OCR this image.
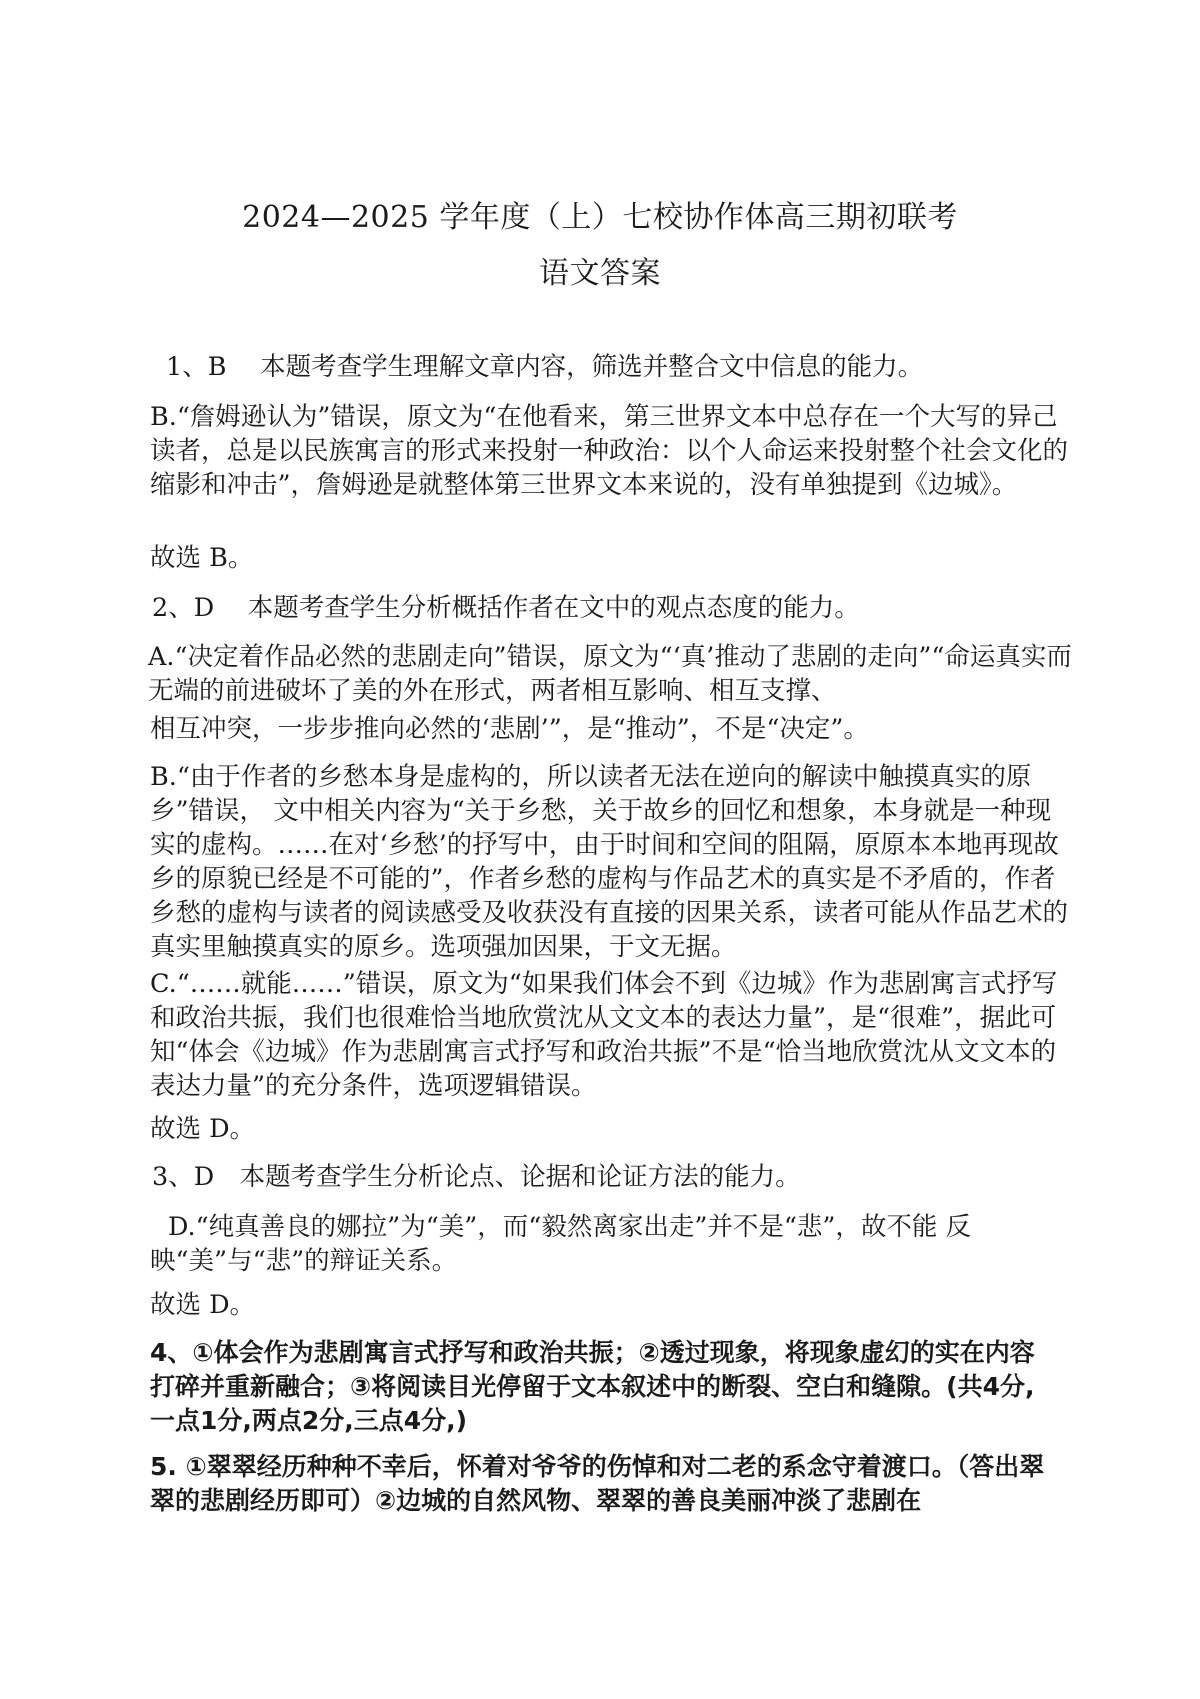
2024—2025 学年度（上）七校协作体高三期初联考
语文答案

1、B　 本题考查学生理解文章内容，筛选并整合文中信息的能力。

B.“詹姆逊认为”错误，原文为“在他看来，第三世界文本中总存在一个大写的异己读者，总是以民族寓言的形式来投射一种政治：以个人命运来投射整个社会文化的缩影和冲击”，詹姆逊是就整体第三世界文本来说的，没有单独提到《边城》。

故选 B。

2、D　 本题考查学生分析概括作者在文中的观点态度的能力。

A.“决定着作品必然的悲剧走向”错误，原文为“‘真’推动了悲剧的走向”“命运真实而无端的前进破坏了美的外在形式，两者相互影响、相互支撑、

相互冲突，一步步推向必然的‘悲剧’”，是“推动”，不是“决定”。

B.“由于作者的乡愁本身是虚构的，所以读者无法在逆向的解读中触摸真实的原乡”错误， 文中相关内容为“关于乡愁，关于故乡的回忆和想象，本身就是一种现实的虚构。……在对‘乡愁’的抒写中，由于时间和空间的阻隔，原原本本地再现故乡的原貌已经是不可能的”，作者乡愁的虚构与作品艺术的真实是不矛盾的，作者乡愁的虚构与读者的阅读感受及收获没有直接的因果关系，读者可能从作品艺术的真实里触摸真实的原乡。选项强加因果，于文无据。

C.“……就能……”错误，原文为“如果我们体会不到《边城》作为悲剧寓言式抒写和政治共振，我们也很难恰当地欣赏沈从文文本的表达力量”，是“很难”，据此可知“体会《边城》作为悲剧寓言式抒写和政治共振”不是“恰当地欣赏沈从文文本的表达力量”的充分条件，选项逻辑错误。

故选 D。

3、D　本题考查学生分析论点、论据和论证方法的能力。

D.“纯真善良的娜拉”为“美”，而“毅然离家出走”并不是“悲”，故不能 反映“美”与“悲”的辩证关系。

故选 D。

4、①体会作为悲剧寓言式抒写和政治共振；②透过现象，将现象虚幻的实在内容打碎并重新融合；③将阅读目光停留于文本叙述中的断裂、空白和缝隙。(共4分,一点1分,两点2分,三点4分,)

5. ①翠翠经历种种不幸后，怀着对爷爷的伤悼和对二老的系念守着渡口。（答出翠翠的悲剧经历即可）②边城的自然风物、翠翠的善良美丽冲淡了悲剧在
